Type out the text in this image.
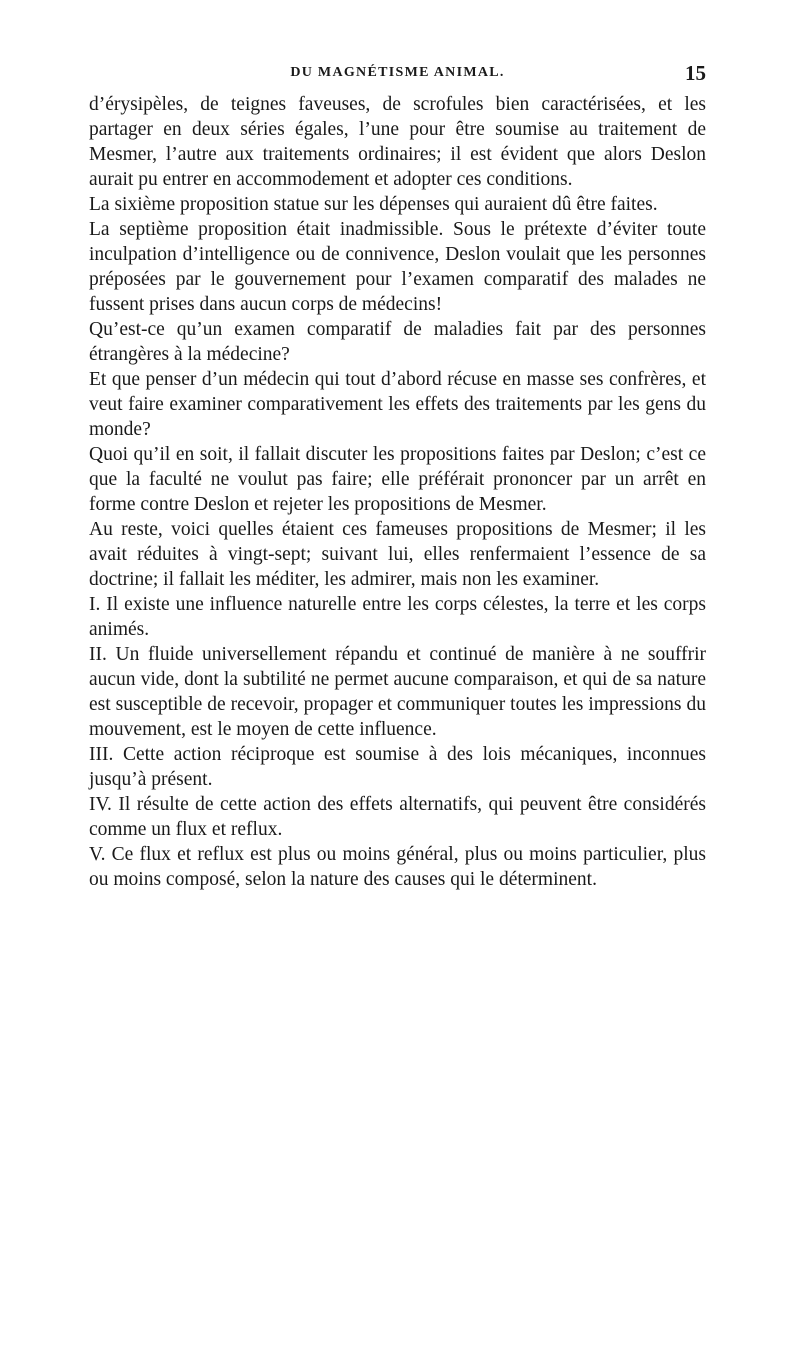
DU MAGNÉTISME ANIMAL.	15

d’érysipèles, de teignes faveuses, de scrofules bien caractérisées, et les partager en deux séries égales, l’une pour être soumise au traitement de Mesmer, l’autre aux traitements ordinaires; il est évident que alors Deslon aurait pu entrer en accommodement et adopter ces conditions.

La sixième proposition statue sur les dépenses qui auraient dû être faites.

La septième proposition était inadmissible. Sous le prétexte d’éviter toute inculpation d’intelligence ou de connivence, Deslon voulait que les personnes préposées par le gouvernement pour l’examen comparatif des malades ne fussent prises dans aucun corps de médecins!

Qu’est-ce qu’un examen comparatif de maladies fait par des personnes étrangères à la médecine?

Et que penser d’un médecin qui tout d’abord récuse en masse ses confrères, et veut faire examiner comparativement les effets des traitements par les gens du monde?

Quoi qu’il en soit, il fallait discuter les propositions faites par Deslon; c’est ce que la faculté ne voulut pas faire; elle préférait prononcer par un arrêt en forme contre Deslon et rejeter les propositions de Mesmer.

Au reste, voici quelles étaient ces fameuses propositions de Mesmer; il les avait réduites à vingt-sept; suivant lui, elles renfermaient l’essence de sa doctrine; il fallait les méditer, les admirer, mais non les examiner.

I. Il existe une influence naturelle entre les corps célestes, la terre et les corps animés.

II. Un fluide universellement répandu et continué de manière à ne souffrir aucun vide, dont la subtilité ne permet aucune comparaison, et qui de sa nature est susceptible de recevoir, propager et communiquer toutes les impressions du mouvement, est le moyen de cette influence.

III. Cette action réciproque est soumise à des lois mécaniques, inconnues jusqu’à présent.

IV. Il résulte de cette action des effets alternatifs, qui peuvent être considérés comme un flux et reflux.

V. Ce flux et reflux est plus ou moins général, plus ou moins particulier, plus ou moins composé, selon la nature des causes qui le déterminent.
